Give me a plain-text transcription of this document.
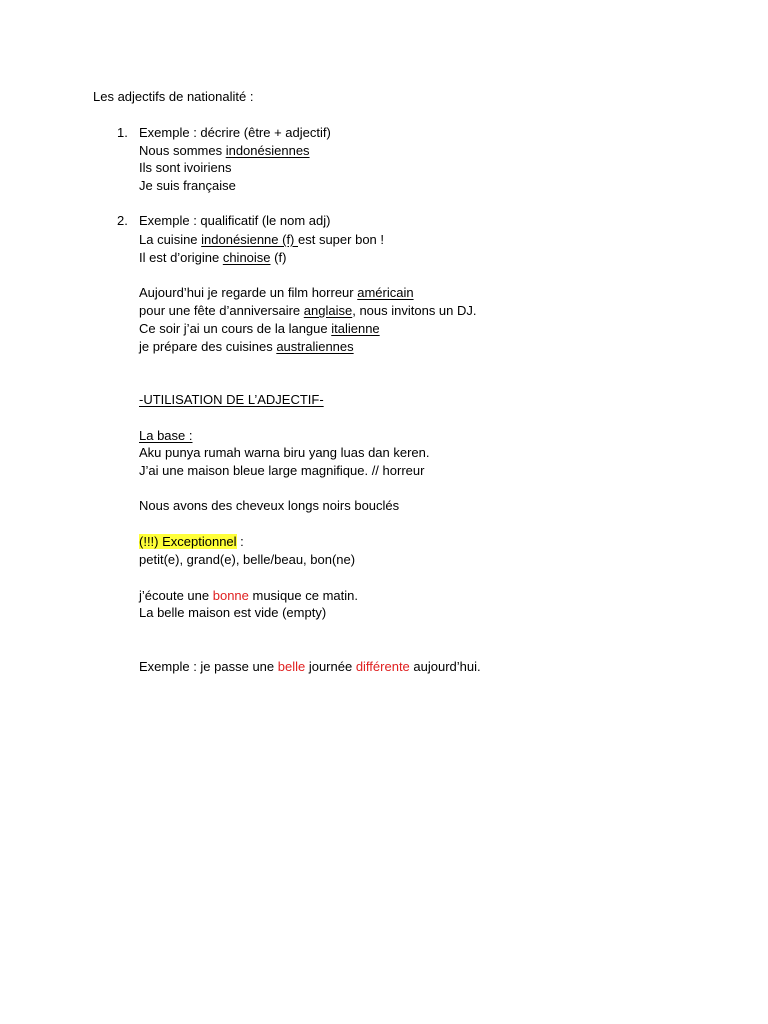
Les adjectifs de nationalité :
1. Exemple : décrire (être + adjectif)
Nous sommes indonésiennes
Ils sont ivoiriens
Je suis française
2. Exemple : qualificatif (le nom adj)
La cuisine indonésienne (f) est super bon !
Il est d’origine chinoise (f)
Aujourd’hui je regarde un film horreur américain
pour une fête d’anniversaire anglaise, nous invitons un DJ.
Ce soir j’ai un cours de la langue italienne
je prépare des cuisines australiennes
-UTILISATION DE L’ADJECTIF-
La base :
Aku punya rumah warna biru yang luas dan keren.
J’ai une maison bleue large magnifique. // horreur
Nous avons des cheveux longs noirs bouclés
(!!!) Exceptionnel :
petit(e), grand(e), belle/beau, bon(ne)
j’écoute une bonne musique ce matin.
La belle maison est vide (empty)
Exemple : je passe une belle journée différente aujourd’hui.
